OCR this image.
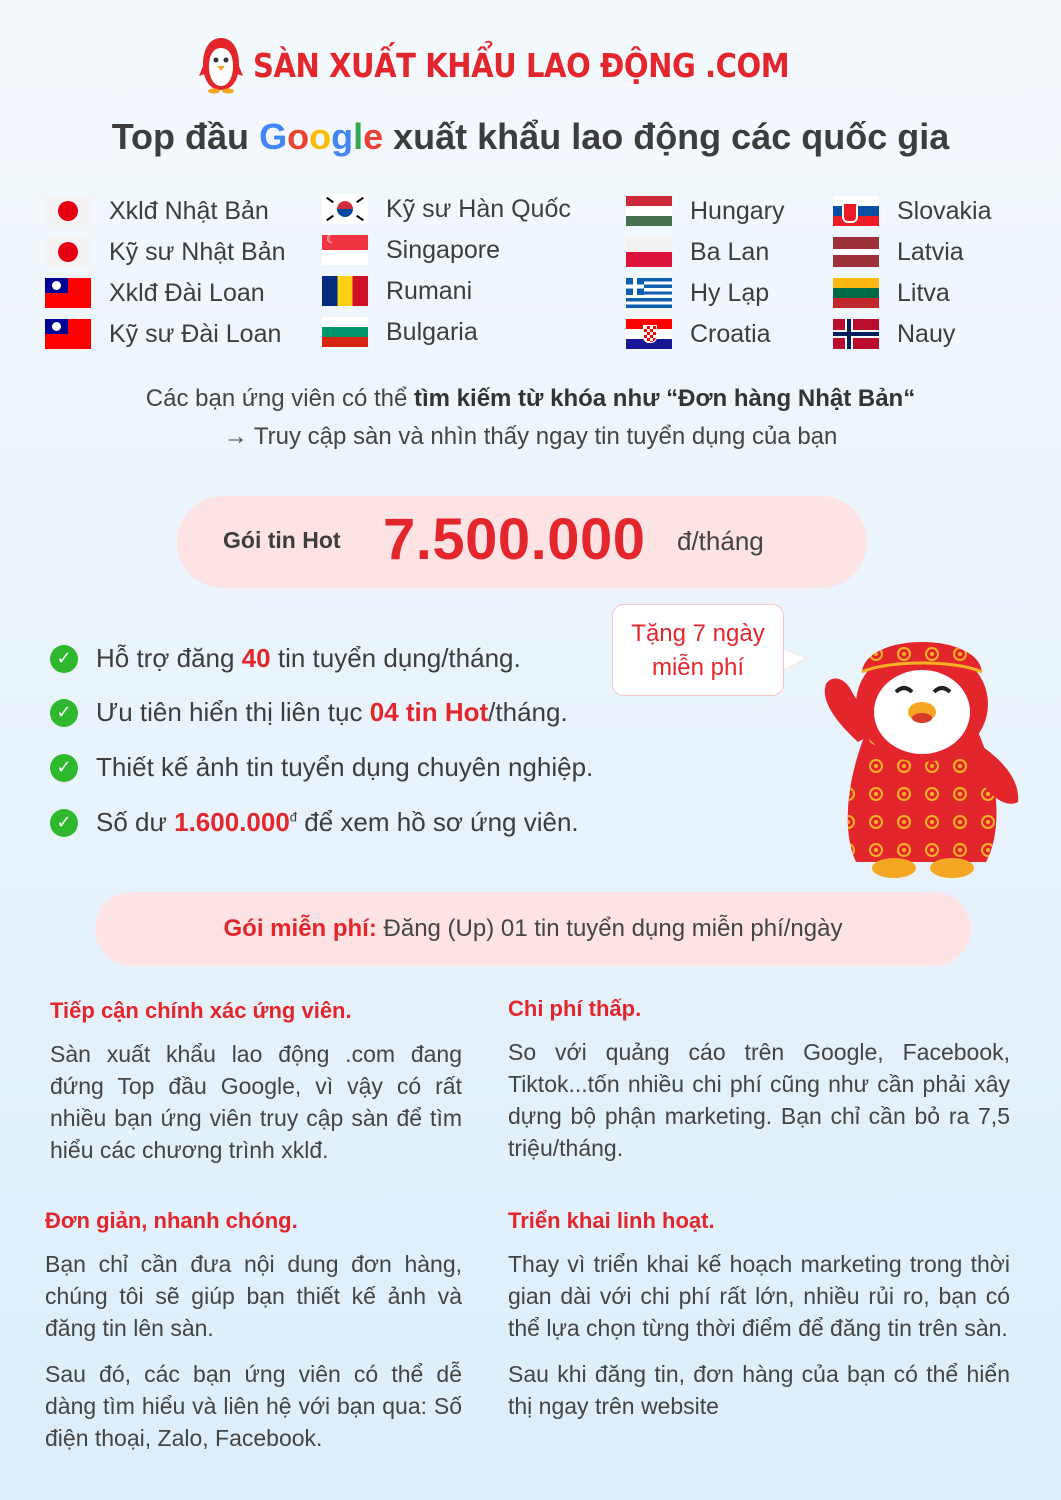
SÀN XUẤT KHẨU LAO ĐỘNG .COM
Top đầu Google xuất khẩu lao động các quốc gia
Xklđ Nhật Bản
Kỹ sư Nhật Bản
Xklđ Đài Loan
Kỹ sư Đài Loan
Kỹ sư Hàn Quốc
☾
Singapore
Rumani
Bulgaria
Hungary
Ba Lan
Hy Lạp
Croatia
Slovakia
Latvia
Litva
Nauy
Các bạn ứng viên có thể tìm kiếm từ khóa như “Đơn hàng Nhật Bản“
→ Truy cập sàn và nhìn thấy ngay tin tuyển dụng của bạn
Gói tin Hot 7.500.000 đ/tháng
Tặng 7 ngày
miễn phí
✓ Hỗ trợ đăng 40 tin tuyển dụng/tháng.
✓ Ưu tiên hiển thị liên tục 04 tin Hot/tháng.
✓ Thiết kế ảnh tin tuyển dụng chuyên nghiệp.
✓ Số dư $1.600.000^đ$ để xem hồ sơ ứng viên.
Gói miễn phí:
Đăng (Up) 01 tin tuyển dụng miễn phí/ngày
Tiếp cận chính xác ứng viên.
Sàn xuất khẩu lao động .com đang đứng Top đầu Google, vì vậy có rất nhiều bạn ứng viên truy cập sàn để tìm hiểu các chương trình xklđ.
Chi phí thấp.
So với quảng cáo trên Google, Facebook, Tiktok...tốn nhiều chi phí cũng như cần phải xây dựng bộ phận marketing. Bạn chỉ cần bỏ ra 7,5 triệu/tháng.
Đơn giản, nhanh chóng.
Bạn chỉ cần đưa nội dung đơn hàng, chúng tôi sẽ giúp bạn thiết kế ảnh và đăng tin lên sàn.
Sau đó, các bạn ứng viên có thể dễ dàng tìm hiểu và liên hệ với bạn qua: Số điện thoại, Zalo, Facebook.
Triển khai linh hoạt.
Thay vì triển khai kế hoạch marketing trong thời gian dài với chi phí rất lớn, nhiều rủi ro, bạn có thể lựa chọn từng thời điểm để đăng tin trên sàn.
Sau khi đăng tin, đơn hàng của bạn có thể hiển thị ngay trên website
